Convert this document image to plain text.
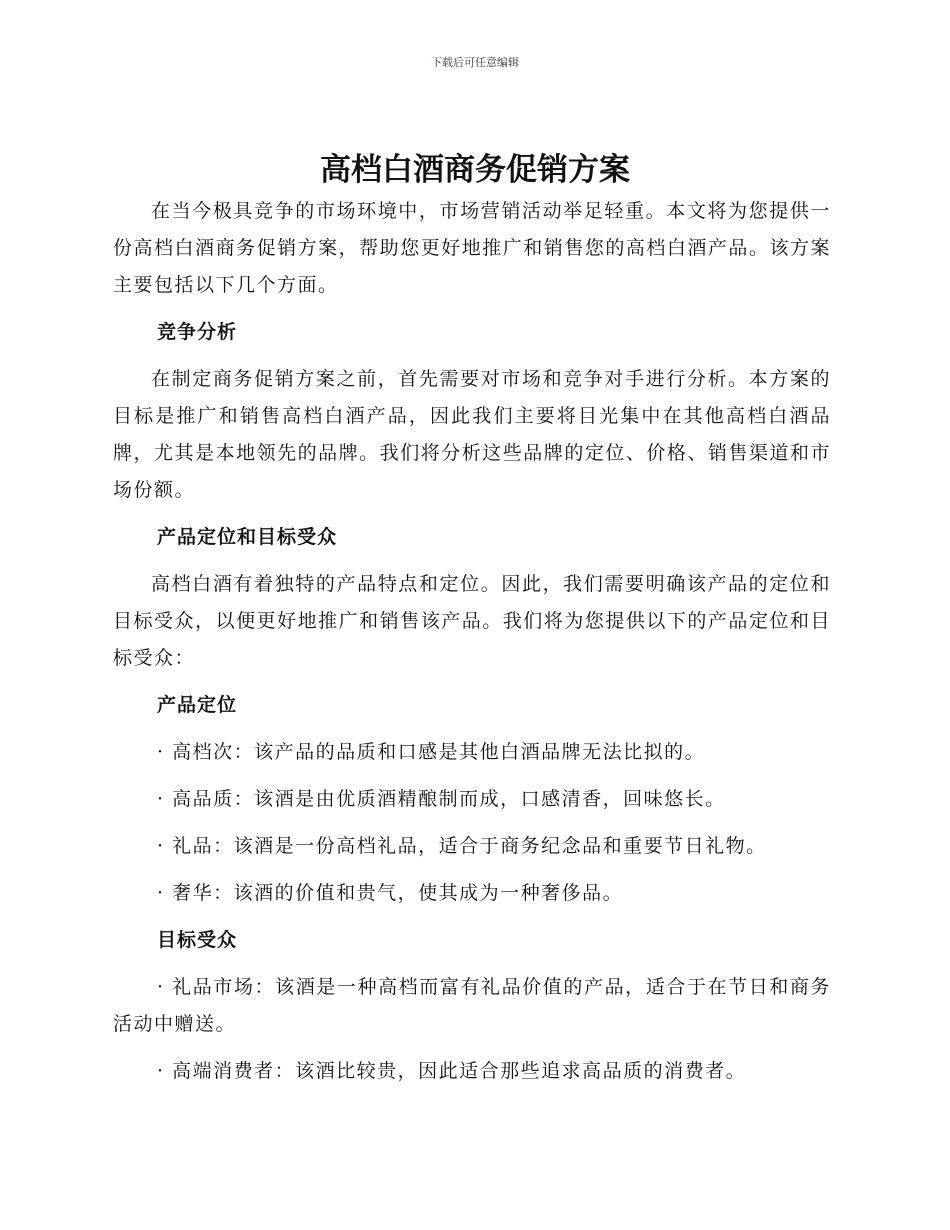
下载后可任意编辑
高档白酒商务促销方案

在当今极具竞争的市场环境中，市场营销活动举足轻重。本文将为您提供一份高档白酒商务促销方案，帮助您更好地推广和销售您的高档白酒产品。该方案主要包括以下几个方面。

竞争分析

在制定商务促销方案之前，首先需要对市场和竞争对手进行分析。本方案的目标是推广和销售高档白酒产品，因此我们主要将目光集中在其他高档白酒品牌，尤其是本地领先的品牌。我们将分析这些品牌的定位、价格、销售渠道和市场份额。

产品定位和目标受众

高档白酒有着独特的产品特点和定位。因此，我们需要明确该产品的定位和目标受众，以便更好地推广和销售该产品。我们将为您提供以下的产品定位和目标受众：

产品定位

· 高档次：该产品的品质和口感是其他白酒品牌无法比拟的。

· 高品质：该酒是由优质酒精酿制而成，口感清香，回味悠长。

· 礼品：该酒是一份高档礼品，适合于商务纪念品和重要节日礼物。

· 奢华：该酒的价值和贵气，使其成为一种奢侈品。

目标受众

· 礼品市场：该酒是一种高档而富有礼品价值的产品，适合于在节日和商务活动中赠送。

· 高端消费者：该酒比较贵，因此适合那些追求高品质的消费者。
